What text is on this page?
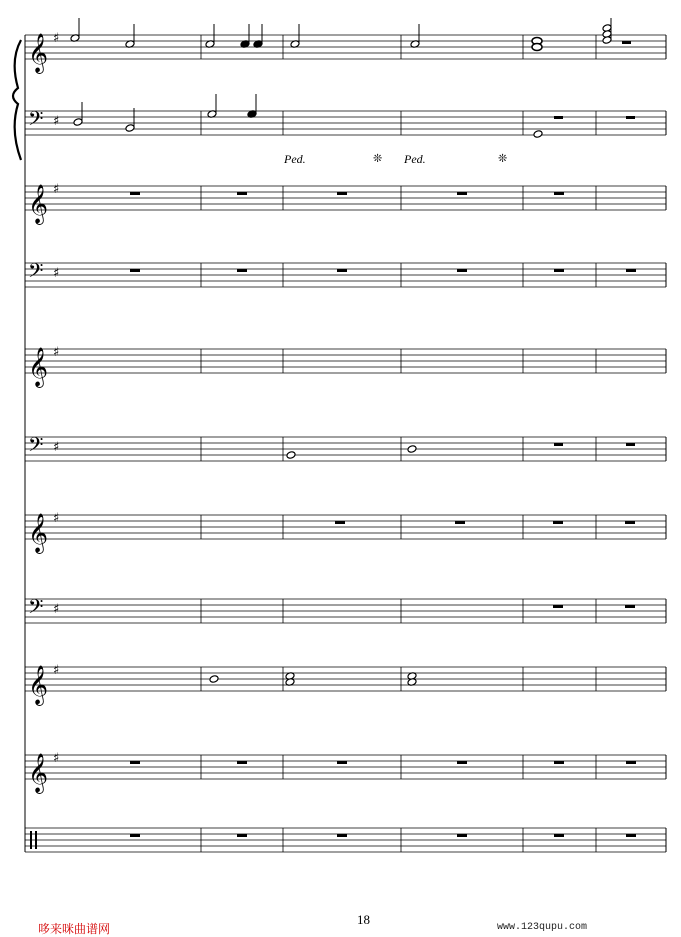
𝄞 ♯
𝄢 ♯
𝄞 ♯
𝄢 ♯
𝄞 ♯
𝄢 ♯
𝄞 ♯
𝄢 ♯
𝄞 ♯
𝄞 ♯
Ped.	❊ Ped.	❊
18
哆来咪曲谱网	www.123qupu.com
